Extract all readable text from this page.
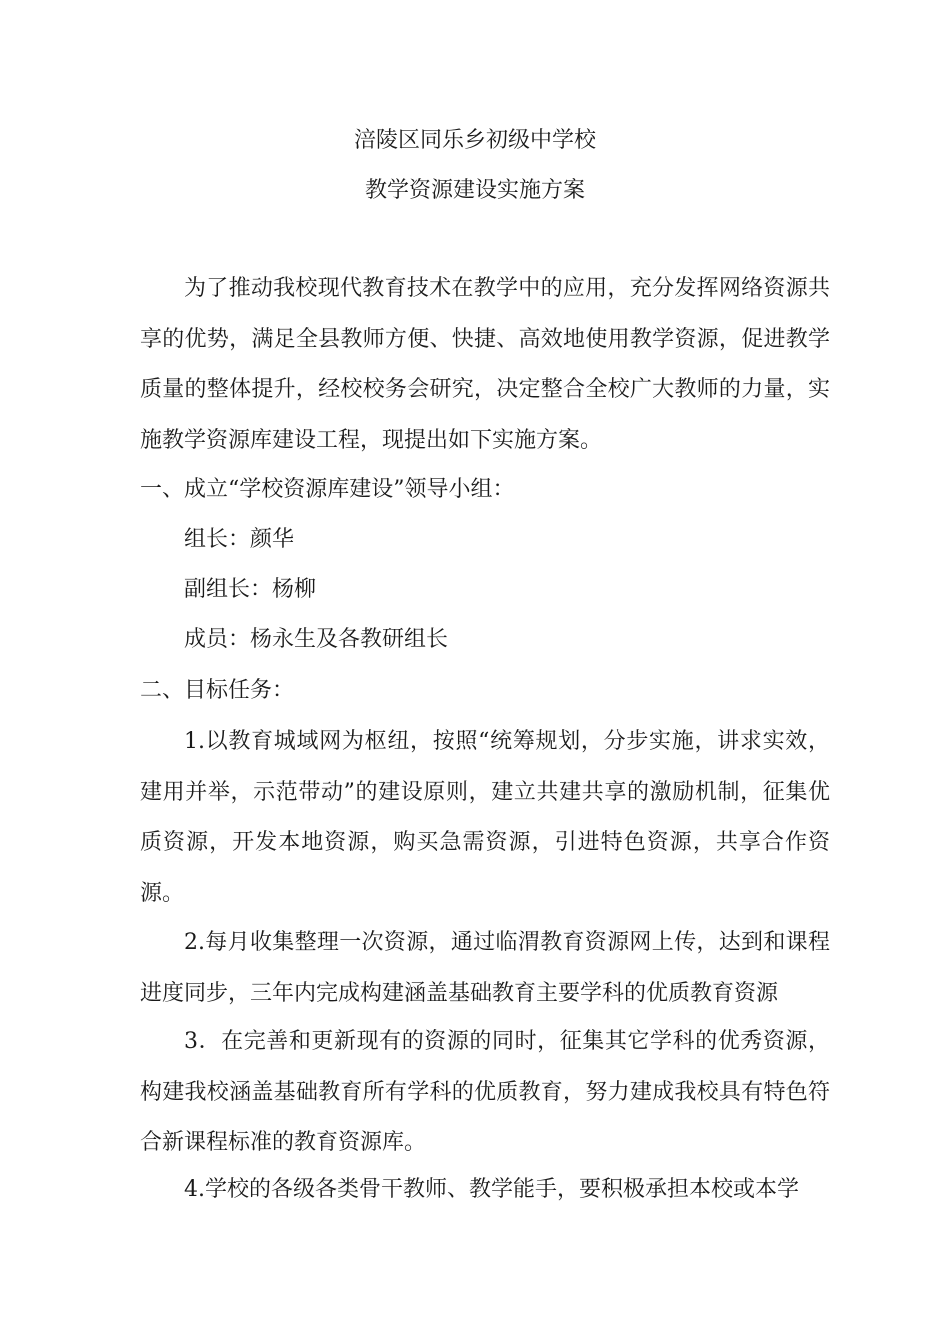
涪陵区同乐乡初级中学校
教学资源建设实施方案
为了推动我校现代教育技术在教学中的应用，充分发挥网络资源共享的优势，满足全县教师方便、快捷、高效地使用教学资源，促进教学质量的整体提升，经校校务会研究，决定整合全校广大教师的力量，实施教学资源库建设工程，现提出如下实施方案。
一、成立“学校资源库建设”领导小组：
组长：颜华
副组长：杨柳
成员：杨永生及各教研组长
二、目标任务：
1.以教育城域网为枢纽，按照“统筹规划，分步实施，讲求实效，建用并举，示范带动”的建设原则，建立共建共享的激励机制，征集优质资源，开发本地资源，购买急需资源，引进特色资源，共享合作资源。
2.每月收集整理一次资源，通过临渭教育资源网上传，达到和课程进度同步，三年内完成构建涵盖基础教育主要学科的优质教育资源
3．在完善和更新现有的资源的同时，征集其它学科的优秀资源，构建我校涵盖基础教育所有学科的优质教育，努力建成我校具有特色符合新课程标准的教育资源库。
4.学校的各级各类骨干教师、教学能手，要积极承担本校或本学
